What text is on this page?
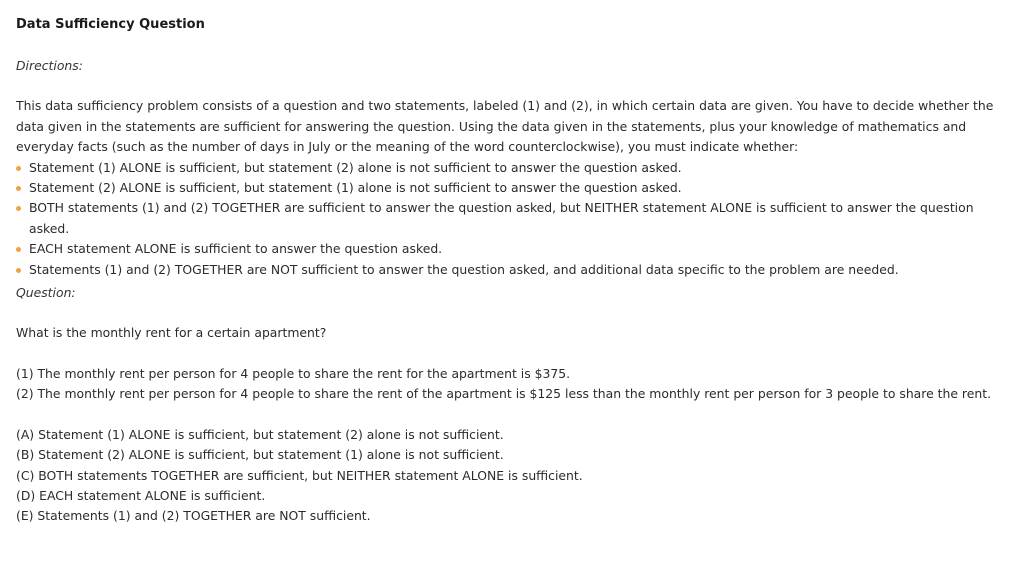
Data Sufficiency Question
Directions:

This data sufficiency problem consists of a question and two statements, labeled (1) and (2), in which certain data are given. You have to decide whether the data given in the statements are sufficient for answering the question. Using the data given in the statements, plus your knowledge of mathematics and everyday facts (such as the number of days in July or the meaning of the word counterclockwise), you must indicate whether:

Statement (1) ALONE is sufficient, but statement (2) alone is not sufficient to answer the question asked.
Statement (2) ALONE is sufficient, but statement (1) alone is not sufficient to answer the question asked.
BOTH statements (1) and (2) TOGETHER are sufficient to answer the question asked, but NEITHER statement ALONE is sufficient to answer the question asked.
EACH statement ALONE is sufficient to answer the question asked.
Statements (1) and (2) TOGETHER are NOT sufficient to answer the question asked, and additional data specific to the problem are needed.
Question:

What is the monthly rent for a certain apartment?

(1) The monthly rent per person for 4 people to share the rent for the apartment is $375.
(2) The monthly rent per person for 4 people to share the rent of the apartment is $125 less than the monthly rent per person for 3 people to share the rent.
(A) Statement (1) ALONE is sufficient, but statement (2) alone is not sufficient.
(B) Statement (2) ALONE is sufficient, but statement (1) alone is not sufficient.
(C) BOTH statements TOGETHER are sufficient, but NEITHER statement ALONE is sufficient.
(D) EACH statement ALONE is sufficient.
(E) Statements (1) and (2) TOGETHER are NOT sufficient.
